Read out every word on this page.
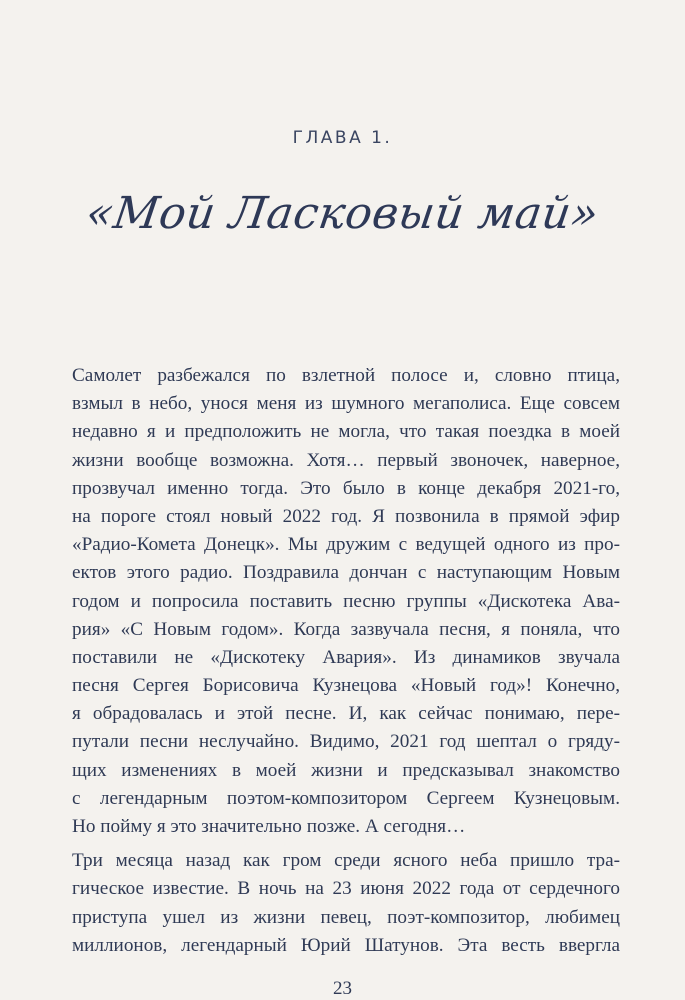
ГЛАВА 1.
«Мой Ласковый май»
Самолет разбежался по взлетной полосе и, словно птица,
взмыл в небо, унося меня из шумного мегаполиса. Еще совсем
недавно я и предположить не могла, что такая поездка в моей
жизни вообще возможна. Хотя… первый звоночек, наверное,
прозвучал именно тогда. Это было в конце декабря 2021-го,
на пороге стоял новый 2022 год. Я позвонила в прямой эфир
«Радио-Комета Донецк». Мы дружим с ведущей одного из про-
ектов этого радио. Поздравила дончан с наступающим Новым
годом и попросила поставить песню группы «Дискотека Ава-
рия» «С Новым годом». Когда зазвучала песня, я поняла, что
поставили не «Дискотеку Авария». Из динамиков звучала
песня Сергея Борисовича Кузнецова «Новый год»! Конечно,
я обрадовалась и этой песне. И, как сейчас понимаю, пере-
путали песни неслучайно. Видимо, 2021 год шептал о гряду-
щих изменениях в моей жизни и предсказывал знакомство
с легендарным поэтом-композитором Сергеем Кузнецовым.
Но пойму я это значительно позже. А сегодня…
Три месяца назад как гром среди ясного неба пришло тра-
гическое известие. В ночь на 23 июня 2022 года от сердечного
приступа ушел из жизни певец, поэт-композитор, любимец
миллионов, легендарный Юрий Шатунов. Эта весть ввергла
23
